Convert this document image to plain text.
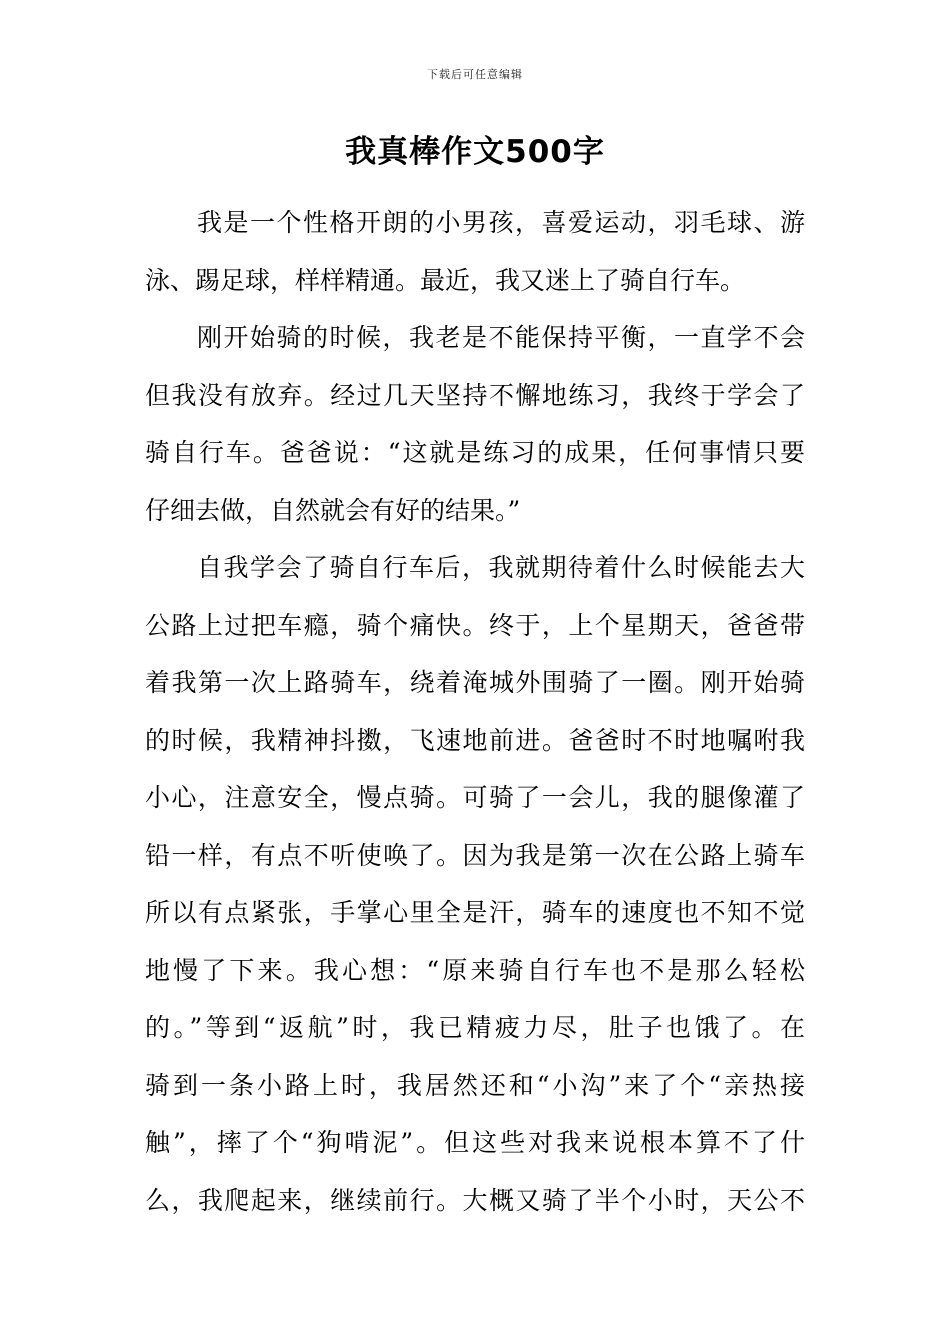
下载后可任意编辑
我真棒作文500字
我是一个性格开朗的小男孩，喜爱运动，羽毛球、游
泳、踢足球，样样精通。最近，我又迷上了骑自行车。
刚开始骑的时候，我老是不能保持平衡，一直学不会
但我没有放弃。经过几天坚持不懈地练习，我终于学会了
骑自行车。爸爸说：“这就是练习的成果，任何事情只要
仔细去做，自然就会有好的结果。”
自我学会了骑自行车后，我就期待着什么时候能去大
公路上过把车瘾，骑个痛快。终于，上个星期天，爸爸带
着我第一次上路骑车，绕着淹城外围骑了一圈。刚开始骑
的时候，我精神抖擞，飞速地前进。爸爸时不时地嘱咐我
小心，注意安全，慢点骑。可骑了一会儿，我的腿像灌了
铅一样，有点不听使唤了。因为我是第一次在公路上骑车
所以有点紧张，手掌心里全是汗，骑车的速度也不知不觉
地慢了下来。我心想：“原来骑自行车也不是那么轻松
的。”等到“返航”时，我已精疲力尽，肚子也饿了。在
骑到一条小路上时，我居然还和“小沟”来了个“亲热接
触”，摔了个“狗啃泥”。但这些对我来说根本算不了什
么，我爬起来，继续前行。大概又骑了半个小时，天公不
